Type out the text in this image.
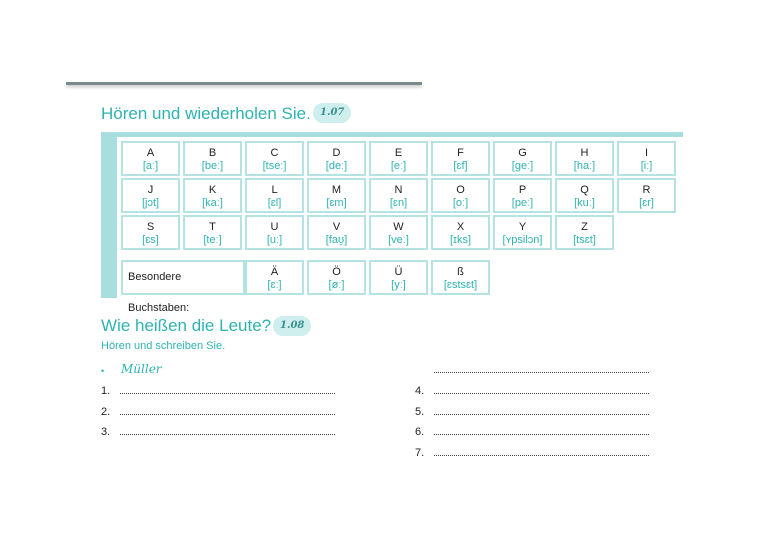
Hören und wiederholen Sie. 1.07
A
[aː]
B
[beː]
C
[tseː]
D
[deː]
E
[eː]
F
[ɛf]
G
[geː]
H
[haː]
I
[iː]
J
[jɔt]
K
[kaː]
L
[ɛl]
M
[ɛm]
N
[ɛn]
O
[oː]
P
[peː]
Q
[kuː]
R
[ɛr]
S
[ɛs]
T
[teː]
U
[uː]
V
[faʊ̯]
W
[veː]
X
[ɪks]
Y
[ʏpsilɔn]
Z
[tsɛt]
Besondere Buchstaben:
Ä
[ɛː]
Ö
[øː]
Ü
[yː]
ß
[ɛstsɛt]
Wie heißen die Leute? 1.08
Hören und schreiben Sie.
• Müller
1.
2.
3.
4.
5.
6.
7.
